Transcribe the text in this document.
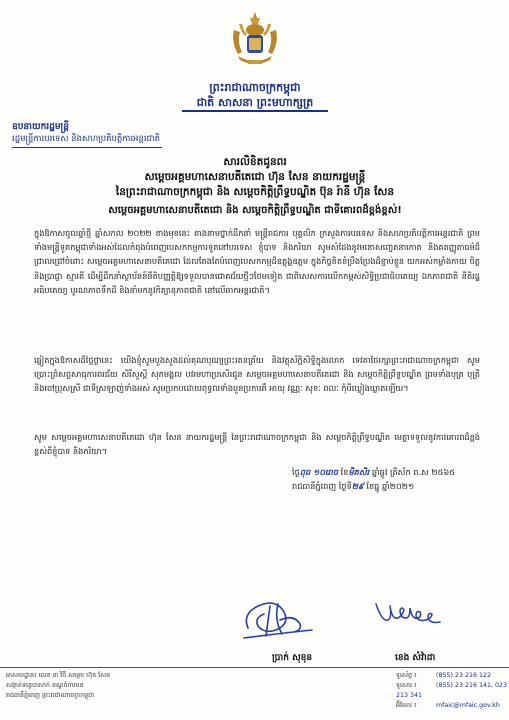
ព្រះរាជាណាចក្រកម្ពុជា
ជាតិ សាសនា ព្រះមហាក្សត្រ
ឧបនាយករដ្ឋមន្ត្រី
រដ្ឋមន្ត្រីការបរទេស និងសហប្រតិបត្តិការអន្តរជាតិ
សារលិខិតជូនពរ
សម្តេចអគ្គមហាសេនាបតីតេជោ ហ៊ុន សែន នាយករដ្ឋមន្ត្រី
នៃព្រះរាជាណាចក្រកម្ពុជា និង សម្តេចកិត្តិព្រឹទ្ធបណ្ឌិត ប៊ុន រ៉ានី ហ៊ុន សែន
សម្តេចអគ្គមហាសេនាបតីតេជោ និង សម្តេចកិត្តិព្រឹទ្ធបណ្ឌិត ជាទីគោរពដ៏ខ្ពង់ខ្ពស់!
ក្នុងឱកាសចូលឆ្នាំថ្មី ឆ្នាំសកល ២០២២ ខាងមុខនេះ តាងនាមថ្នាក់ដឹកនាំ មន្ត្រីរាជការ បុគ្គលិក ក្រសួងការបរទេស និងសហប្រតិបត្តិការអន្តរជាតិ ព្រមទាំងមន្ត្រីទូតកម្ពុជាទាំងអស់ដែលកំពុងបំពេញបេសកកម្មការទូតនៅបរទេស ខ្ញុំបាទ និងភរិយា សូមសំដែងនូវមនោសញ្ចេតនាកោត និងគតញ្ញូតាធម៌ដ៏ជ្រាលជ្រៅចំពោះ សម្តេចអគ្គមហាសេនាបតីតេជោ ដែលតែងតែបំពេញបេសកកម្មដ៏ឧត្តុង្គឧត្តម ក្នុងកិច្ចខិតខំប្រឹងប្រែងដ៏ខ្ជាប់ខ្ជួន យកអស់កម្លាំងកាយ ចិត្ត និងប្រាជ្ញា ស្មារតី ដើម្បីដឹកនាំស្ថាប័នន៍នីតិបញ្ញត្តិឱ្យទទួលបានជោគជ័យថ្មីៗថែមទៀត ជាពិសេសការលើកកម្ពស់សិទ្ធិប្រជាធិបតេយ្យ ឯកភាពជាតិ នីតិរដ្ឋ អធិបតេយ្យ បូរណភាពទឹកដី និងនាំមកនូវកិត្យានុភាពជាតិ នៅលើឆាកអន្តរជាតិ។
ឆ្លៀតក្នុងឱកាសដ៏ថ្លៃថ្លានេះ យើងខ្ញុំសូមបួងសួងដល់គុណបុណ្យព្រះរតនត្រ័យ និងវត្ថុស័ក្តិសិទ្ធិក្នុងលោក ទេវតាថែរក្សាព្រះរាជាណាចក្រកម្ពុជា សូមប្រោះព្រំសព្ទសាធុការពរជ័យ សិរីសួស្តី សុភមង្គល បវរមហាប្រសើរជូន សម្តេចអគ្គមហាសេនាបតីតេជោ និង សម្តេចកិត្តិព្រឹទ្ធបណ្ឌិត ព្រមទាំងបុត្រ បុត្រី និងចៅប្រុសស្រី ជាទីស្រឡាញ់ទាំងអស់ សូមប្រកបដោយពុទ្ធពរទាំងបួនប្រការគឺ អាយុ វណ្ណៈ សុខៈ ពលៈ កុំបីឃ្លៀងឃ្លាតឡើយ។
សូម សម្តេចអគ្គមហាសេនាបតីតេជោ ហ៊ុន សែន នាយករដ្ឋមន្ត្រី នៃព្រះរាជាណាចក្រកម្ពុជា និង សម្តេចកិត្តិព្រឹទ្ធបណ្ឌិត មេត្តាទទួលនូវការគោរពដ៏ខ្ពង់ខ្ពស់ពីខ្ញុំបាទ និងភរិយា។
ថ្ងៃពុធ ១០រោច ខែមិគសិរ ឆ្នាំឆ្លូវ ត្រីស័ក ព.ស ២៥៦៥
រាជធានីភ្នំពេញ ថ្ងៃទី២៩ ខែធ្នូ ឆ្នាំ២០២១
ប្រាក់ សុខុន	ខេង សំវ៉ាដា
អាសយដ្ឋាន៖ លេខ ៣ វិថី សម្តេច ហ៊ុន សែន
សង្កាត់ទន្លេបាសាក់ ខណ្ឌចំការមន
រាជធានីភ្នំពេញ ព្រះរាជាណាចក្រកម្ពុជា
ទូរស័ព្ទ ៖	(855) 23 216 122
ទូរសារ ៖	(855) 23 216 141, 023 213 341
អ៊ីមែល ៖	mfaic@mfaic.gov.kh
